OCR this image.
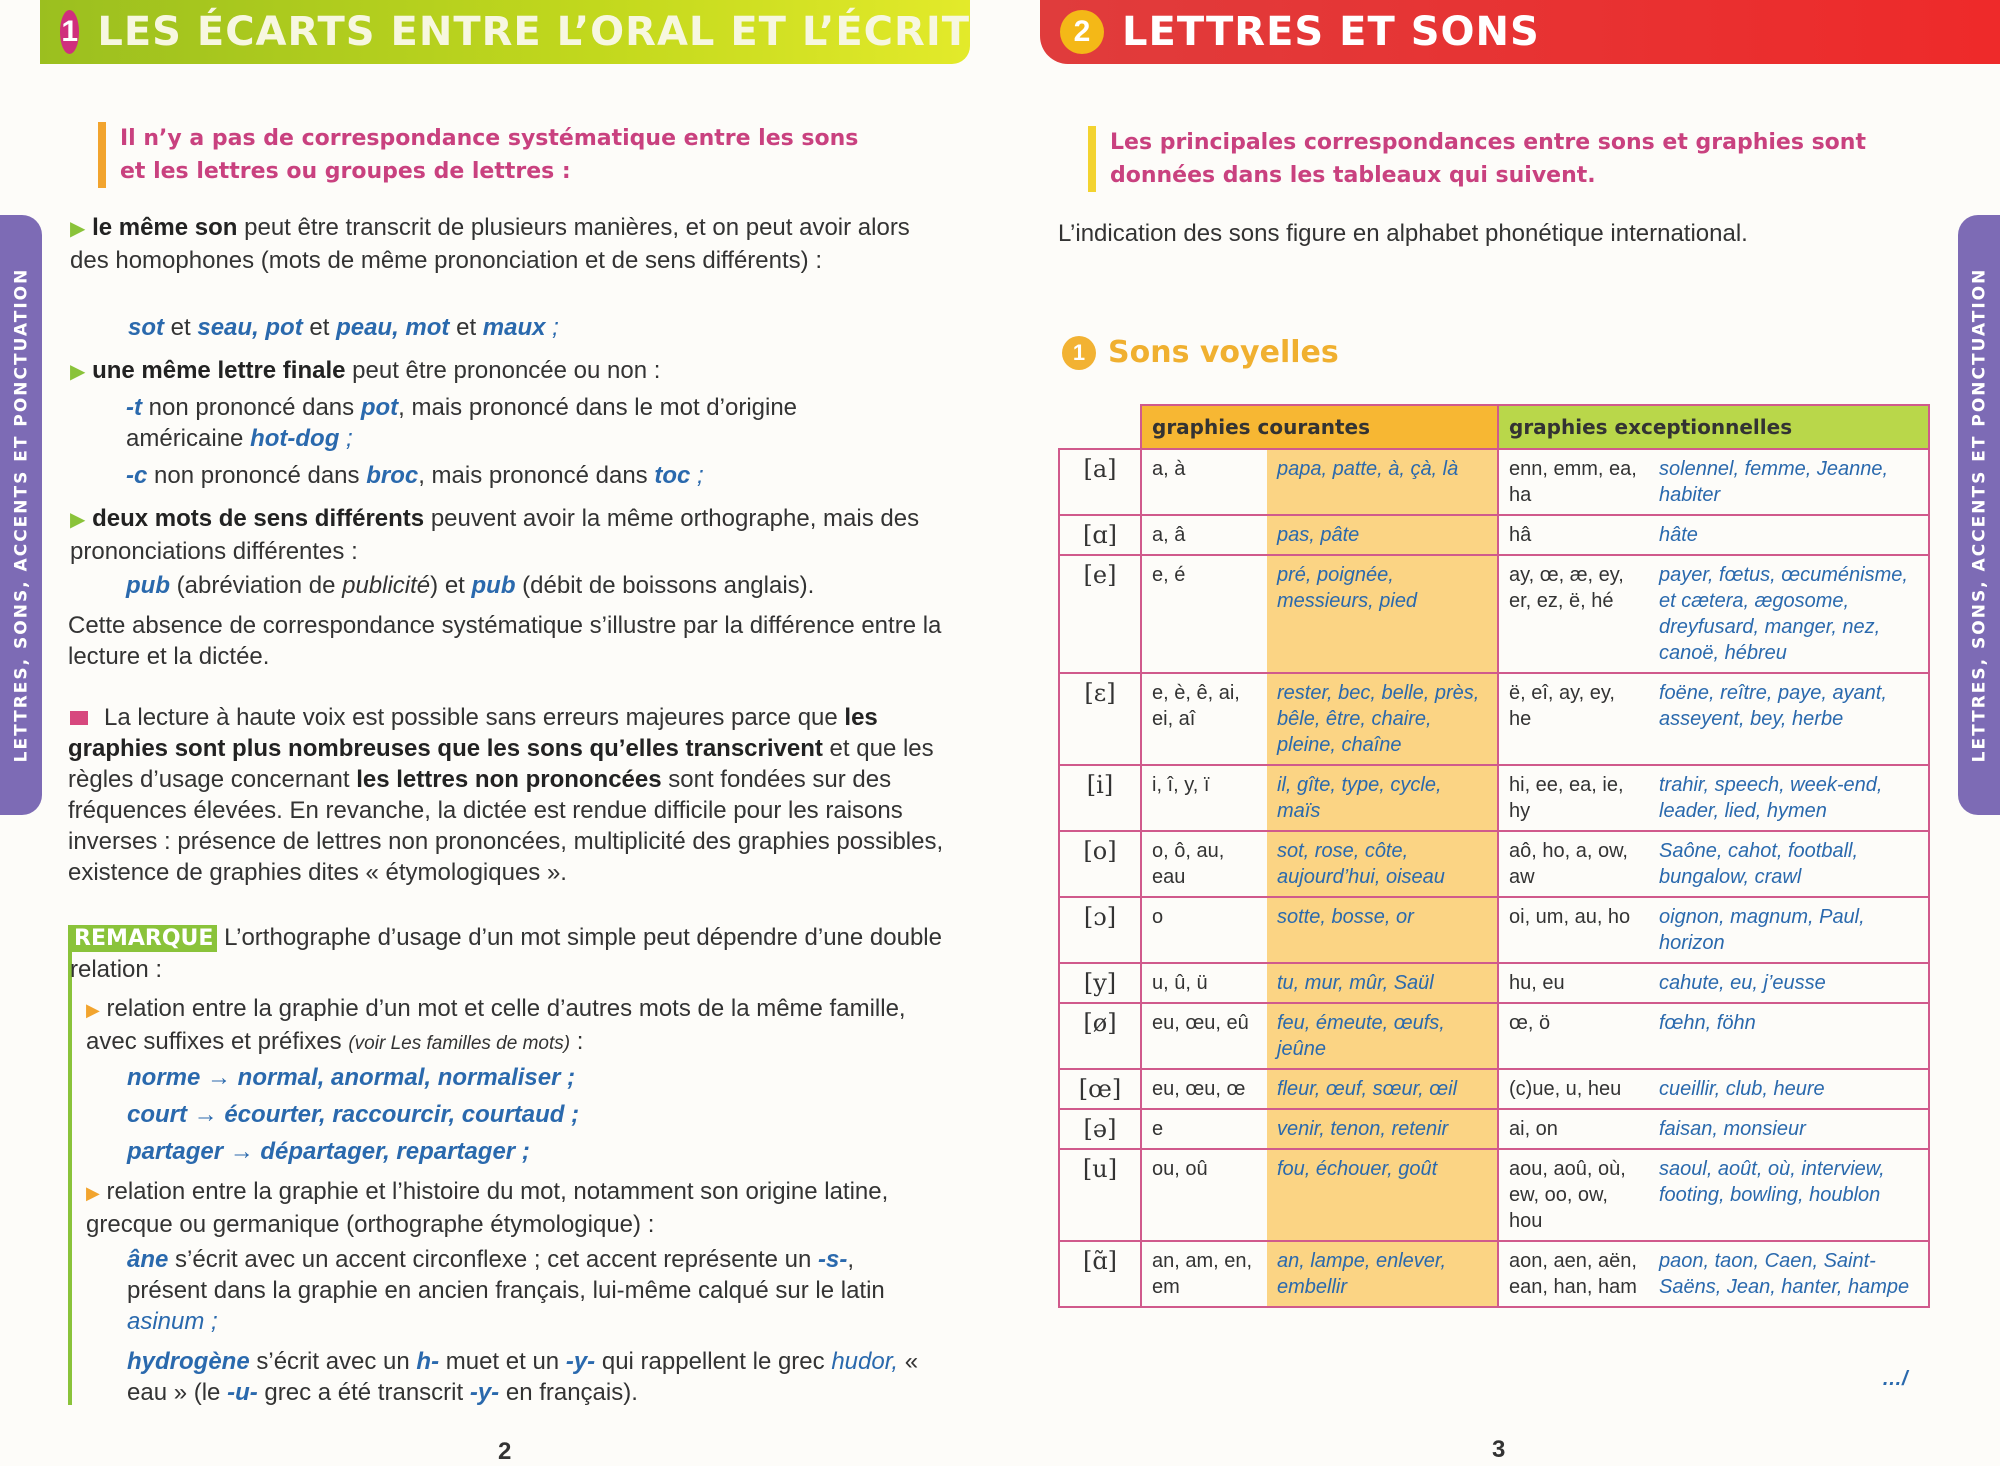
1 LES ÉCARTS ENTRE L’ORAL ET L’ÉCRIT
LETTRES, SONS, ACCENTS ET PONCTUATION
Il n’y a pas de correspondance systématique entre les sons et les lettres ou groupes de lettres :
▶ le même son peut être transcrit de plusieurs manières, et on peut avoir alors des homophones (mots de même prononciation et de sens différents) :
sot et seau, pot et peau, mot et maux ;
▶ une même lettre finale peut être prononcée ou non :
-t non prononcé dans pot, mais prononcé dans le mot d’origine américaine hot-dog ;
-c non prononcé dans broc, mais prononcé dans toc ;
▶ deux mots de sens différents peuvent avoir la même orthographe, mais des prononciations différentes :
pub (abréviation de publicité) et pub (débit de boissons anglais).
Cette absence de correspondance systématique s’illustre par la différence entre la lecture et la dictée.
La lecture à haute voix est possible sans erreurs majeures parce que les graphies sont plus nombreuses que les sons qu’elles transcrivent et que les règles d’usage concernant les lettres non prononcées sont fondées sur des fréquences élevées. En revanche, la dictée est rendue difficile pour les raisons inverses : présence de lettres non prononcées, multiplicité des graphies possibles, existence de graphies dites « étymologiques ».
REMARQUE L’orthographe d’usage d’un mot simple peut dépendre d’une double relation :
▶ relation entre la graphie d’un mot et celle d’autres mots de la même famille, avec suffixes et préfixes (voir Les familles de mots) :
norme → normal, anormal, normaliser ;
court → écourter, raccourcir, courtaud ;
partager → départager, repartager ;
▶ relation entre la graphie et l’histoire du mot, notamment son origine latine, grecque ou germanique (orthographe étymologique) :
âne s’écrit avec un accent circonflexe ; cet accent représente un -s-, présent dans la graphie en ancien français, lui-même calqué sur le latin asinum ;
hydrogène s’écrit avec un h- muet et un -y- qui rappellent le grec hudor, « eau » (le -u- grec a été transcrit -y- en français).
2
2 LETTRES ET SONS
LETTRES, SONS, ACCENTS ET PONCTUATION
Les principales correspondances entre sons et graphies sont données dans les tableaux qui suivent.
L’indication des sons figure en alphabet phonétique international.
1 Sons voyelles
	graphies courantes		graphies exceptionnelles	
[a]	a, à	papa, patte, à, çà, là	enn, emm, ea, ha	solennel, femme, Jeanne, habiter
[ɑ]	a, â	pas, pâte	hâ	hâte
[e]	e, é	pré, poignée, messieurs, pied	ay, œ, æ, ey, er, ez, ë, hé	payer, fœtus, œcuménisme, et cætera, ægosome, dreyfusard, manger, nez, canoë, hébreu
[ɛ]	e, è, ê, ai, ei, aî	rester, bec, belle, près, bêle, être, chaire, pleine, chaîne	ë, eî, ay, ey, he	foëne, reître, paye, ayant, asseyent, bey, herbe
[i]	i, î, y, ï	il, gîte, type, cycle, maïs	hi, ee, ea, ie, hy	trahir, speech, week-end, leader, lied, hymen
[o]	o, ô, au, eau	sot, rose, côte, aujourd’hui, oiseau	aô, ho, a, ow, aw	Saône, cahot, football, bungalow, crawl
[ɔ]	o	sotte, bosse, or	oi, um, au, ho	oignon, magnum, Paul, horizon
[y]	u, û, ü	tu, mur, mûr, Saül	hu, eu	cahute, eu, j’eusse
[ø]	eu, œu, eû	feu, émeute, œufs, jeûne	œ, ö	fœhn, föhn
[œ]	eu, œu, œ	fleur, œuf, sœur, œil	(c)ue, u, heu	cueillir, club, heure
[ə]	e	venir, tenon, retenir	ai, on	faisan, monsieur
[u]	ou, oû	fou, échouer, goût	aou, aoû, où, ew, oo, ow, hou	saoul, août, où, interview, footing, bowling, houblon
[ɑ̃]	an, am, en, em	an, lampe, enlever, embellir	aon, aen, aën, ean, han, ham	paon, taon, Caen, Saint-Saëns, Jean, hanter, hampe
…/
3
